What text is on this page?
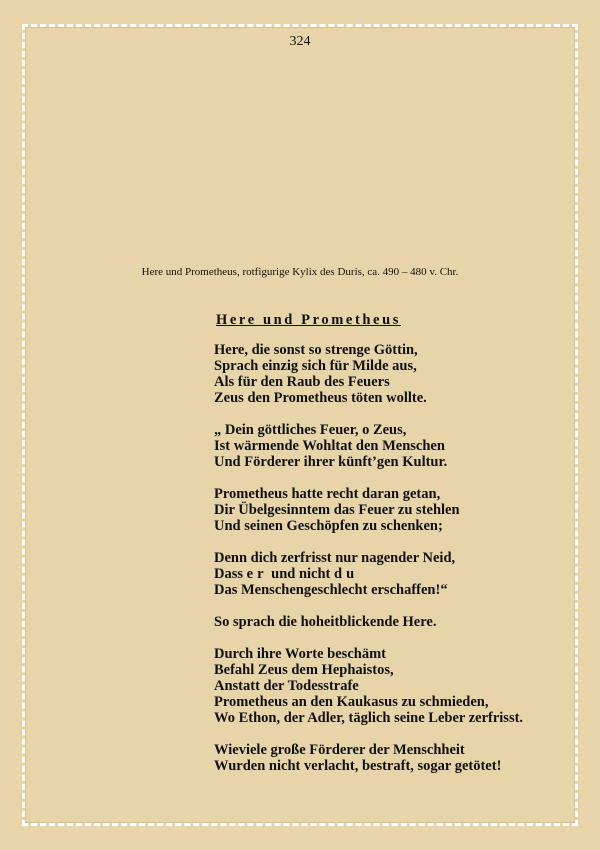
324
Here und Prometheus, rotfigurige Kylix des Duris, ca. 490 – 480 v. Chr.
Here und Prometheus
Here, die sonst so strenge Göttin,
Sprach einzig sich für Milde aus,
Als für den Raub des Feuers
Zeus den Prometheus töten wollte.
„ Dein göttliches Feuer, o Zeus,
Ist wärmende Wohltat den Menschen
Und Förderer ihrer künft’gen Kultur.
Prometheus hatte recht daran getan,
Dir Übelgesinntem das Feuer zu stehlen
Und seinen Geschöpfen zu schenken;
Denn dich zerfrisst nur nagender Neid,
Dass er und nicht du
Das Menschengeschlecht erschaffen!“
So sprach die hoheitblickende Here.
Durch ihre Worte beschämt
Befahl Zeus dem Hephaistos,
Anstatt der Todesstrafe
Prometheus an den Kaukasus zu schmieden,
Wo Ethon, der Adler, täglich seine Leber zerfrisst.
Wieviele große Förderer der Menschheit
Wurden nicht verlacht, bestraft, sogar getötet!
